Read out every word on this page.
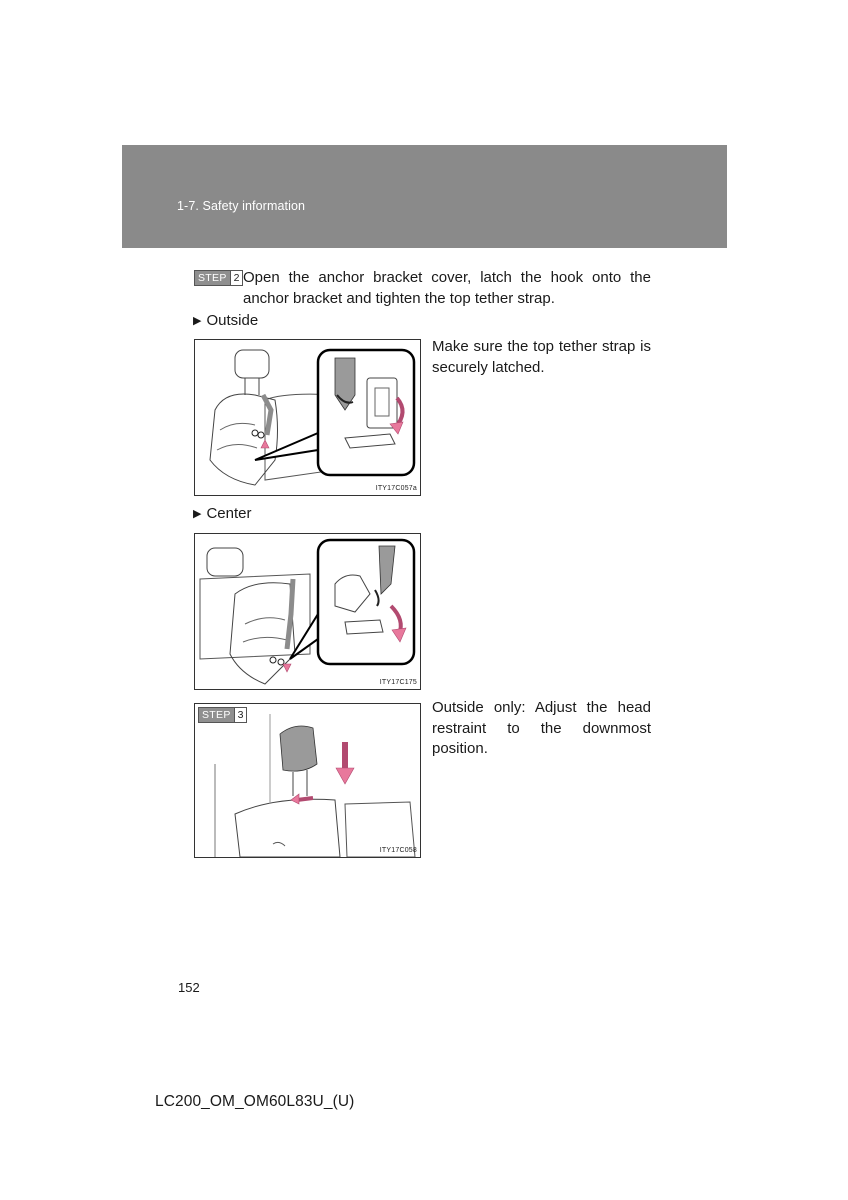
1-7. Safety information
STEP 2 Open the anchor bracket cover, latch the hook onto the
anchor bracket and tighten the top tether strap.
▶ Outside
ITY17C057a
Make sure the top tether strap is securely latched.
▶ Center
ITY17C175
STEP 3
ITY17C058
Outside only: Adjust the head restraint to the downmost position.
152
LC200_OM_OM60L83U_(U)
